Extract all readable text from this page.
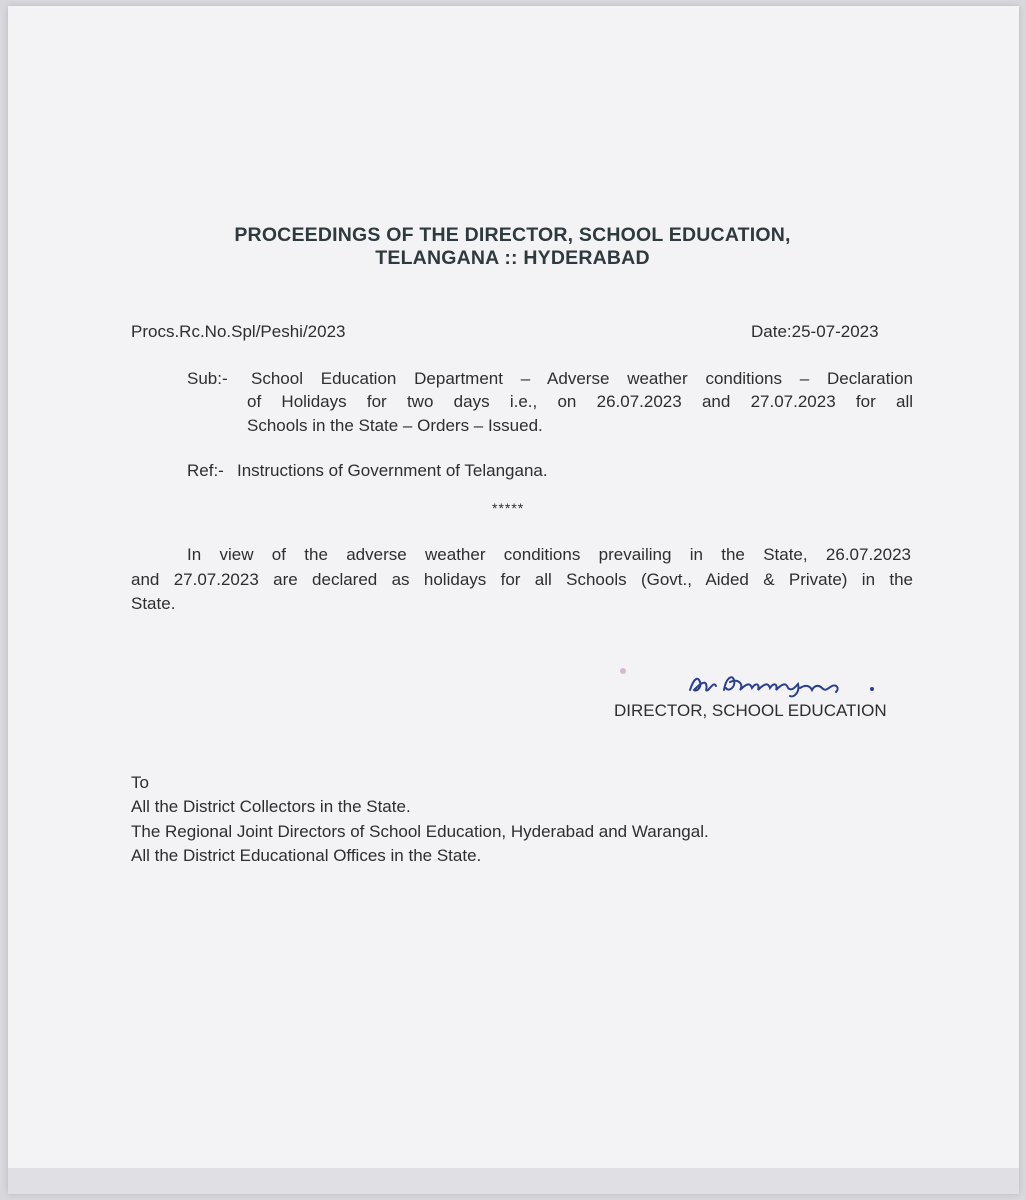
PROCEEDINGS OF THE DIRECTOR, SCHOOL EDUCATION,
TELANGANA :: HYDERABAD
Procs.Rc.No.Spl/Peshi/2023	Date:25-07-2023
Sub:- School Education Department – Adverse weather conditions – Declaration
of Holidays for two days i.e., on 26.07.2023 and 27.07.2023 for all
Schools in the State – Orders – Issued.
Ref:- Instructions of Government of Telangana.
*****
In view of the adverse weather conditions prevailing in the State, 26.07.2023
and 27.07.2023 are declared as holidays for all Schools (Govt., Aided & Private) in the
State.
DIRECTOR, SCHOOL EDUCATION
To
All the District Collectors in the State.
The Regional Joint Directors of School Education, Hyderabad and Warangal.
All the District Educational Offices in the State.
